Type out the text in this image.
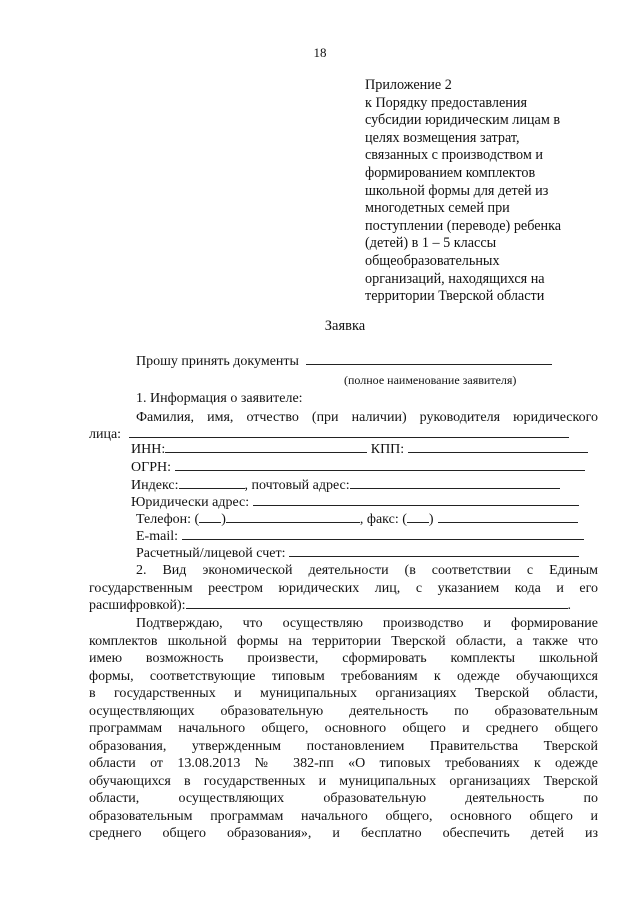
18
Приложение 2
к Порядку предоставления
субсидии юридическим лицам в
целях возмещения затрат,
связанных с производством и
формированием комплектов
школьной формы для детей из
многодетных семей при
поступлении (переводе) ребенка
(детей) в 1 – 5 классы
общеобразовательных
организаций, находящихся на
территории Тверской области
Заявка
Прошу принять документы
(полное наименование заявителя)
1. Информация о заявителе:
Фамилия, имя, отчество (при наличии) руководителя юридического
лица:
ИНН:	КПП:
ОГРН:
Индекс:	, почтовый адрес:
Юридически адрес:
Телефон: ( )	, факс: ( )
E-mail:
Расчетный/лицевой счет:
2. Вид экономической деятельности (в соответствии с Единым
государственным реестром юридических лиц, с указанием кода и его
расшифровкой):	.
Подтверждаю, что осуществляю производство и формирование
комплектов школьной формы на территории Тверской области, а также что
имею возможность произвести, сформировать комплекты школьной
формы, соответствующие типовым требованиям к одежде обучающихся
в государственных и муниципальных организациях Тверской области,
осуществляющих образовательную деятельность по образовательным
программам начального общего, основного общего и среднего общего
образования, утвержденным постановлением Правительства Тверской
области от 13.08.2013 № 382-пп «О типовых требованиях к одежде
обучающихся в государственных и муниципальных организациях Тверской
области, осуществляющих образовательную деятельность по
образовательным программам начального общего, основного общего и
среднего общего образования», и бесплатно обеспечить детей из
